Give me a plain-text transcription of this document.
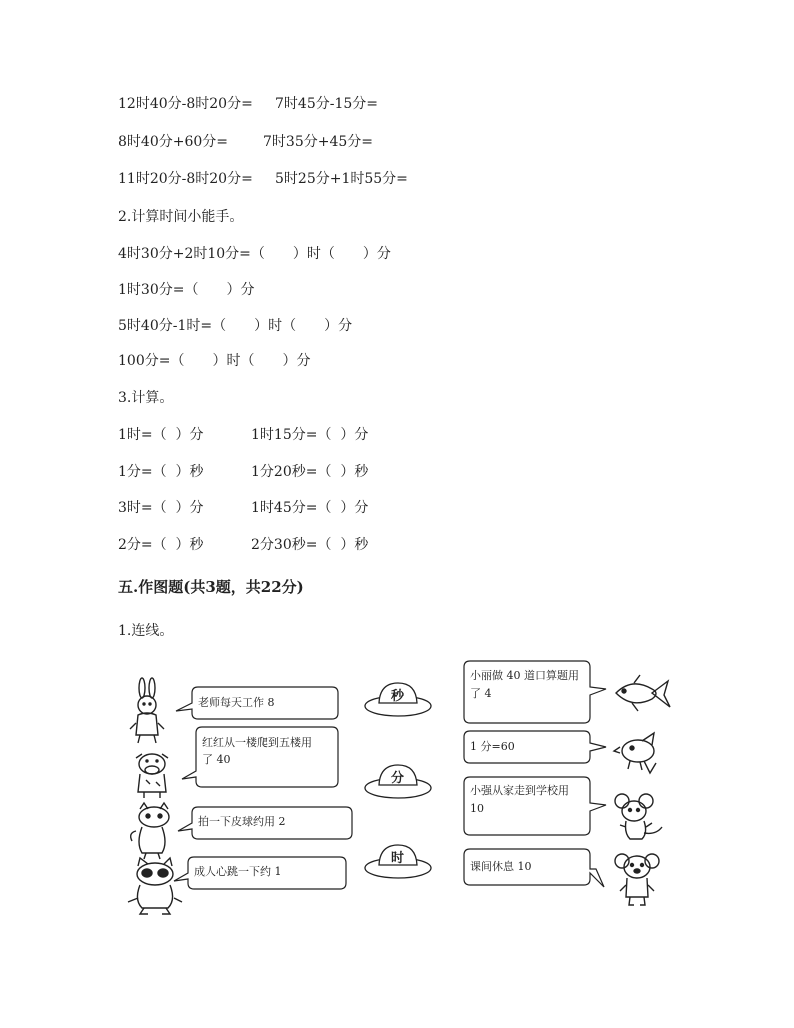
12时40分-8时20分= 7时45分-15分=
8时40分+60分=	7时35分+45分=
11时20分-8时20分= 5时25分+1时55分=
2.计算时间小能手。
4时30分+2时10分=（　　）时（　　）分
1时30分=（　　）分
5时40分-1时=（　　）时（　　）分
100分=（　　）时（　　）分
3.计算。
1时=（  ）分	1时15分=（  ）分
1分=（  ）秒	1分20秒=（  ）秒
3时=（  ）分	1时45分=（  ）分
2分=（  ）秒	2分30秒=（  ）秒
五.作图题(共3题，共22分)
1.连线。
老师每天工作 8
红红从一楼爬到五楼用
了 40
拍一下皮球约用 2
成人心跳一下约 1
秒
分
时
小丽做 40 道口算题用
了 4
1 分=60
小强从家走到学校用
10
课间休息 10
